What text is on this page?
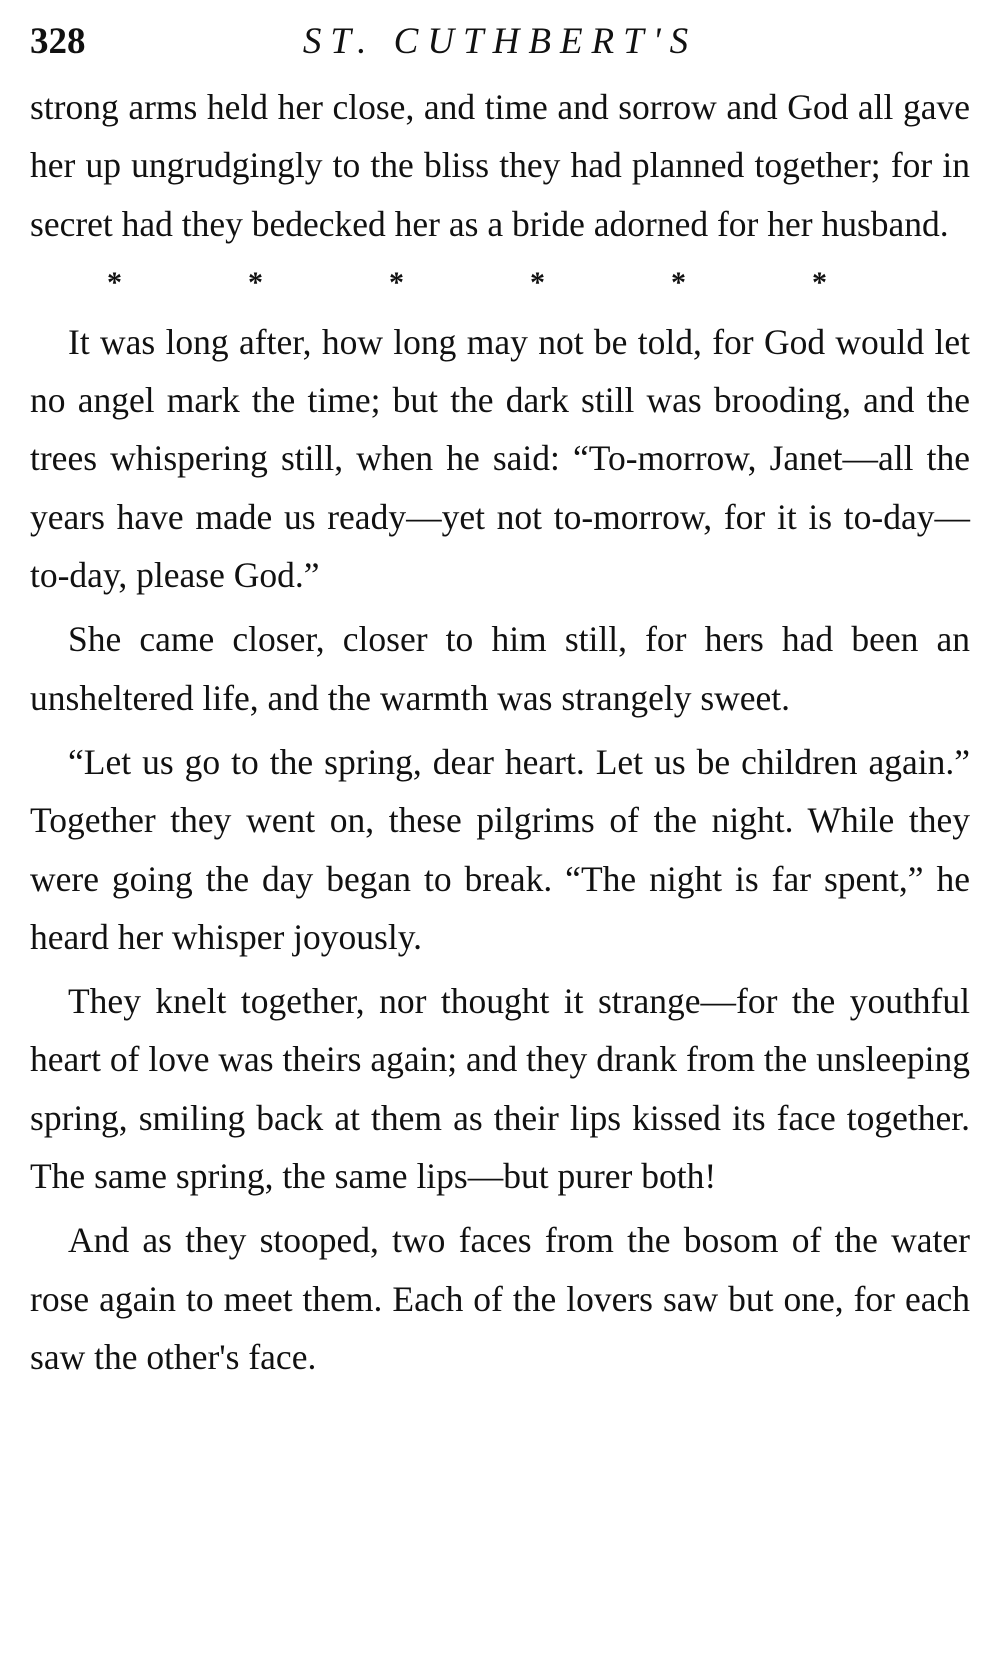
328	ST. CUTHBERT'S

strong arms held her close, and time and sorrow and God all gave her up ungrudgingly to the bliss they had planned together; for in secret had they bedecked her as a bride adorned for her husband.

*	*	*	*	*	*

It was long after, how long may not be told, for God would let no angel mark the time; but the dark still was brooding, and the trees whispering still, when he said: “To-morrow, Janet—all the years have made us ready—yet not to-morrow, for it is to-day—to-day, please God.”

She came closer, closer to him still, for hers had been an unsheltered life, and the warmth was strangely sweet.

“Let us go to the spring, dear heart. Let us be children again.” Together they went on, these pilgrims of the night. While they were going the day began to break. “The night is far spent,” he heard her whisper joyously.

They knelt together, nor thought it strange—for the youthful heart of love was theirs again; and they drank from the unsleeping spring, smiling back at them as their lips kissed its face together. The same spring, the same lips—but purer both!

And as they stooped, two faces from the bosom of the water rose again to meet them. Each of the lovers saw but one, for each saw the other's face.
